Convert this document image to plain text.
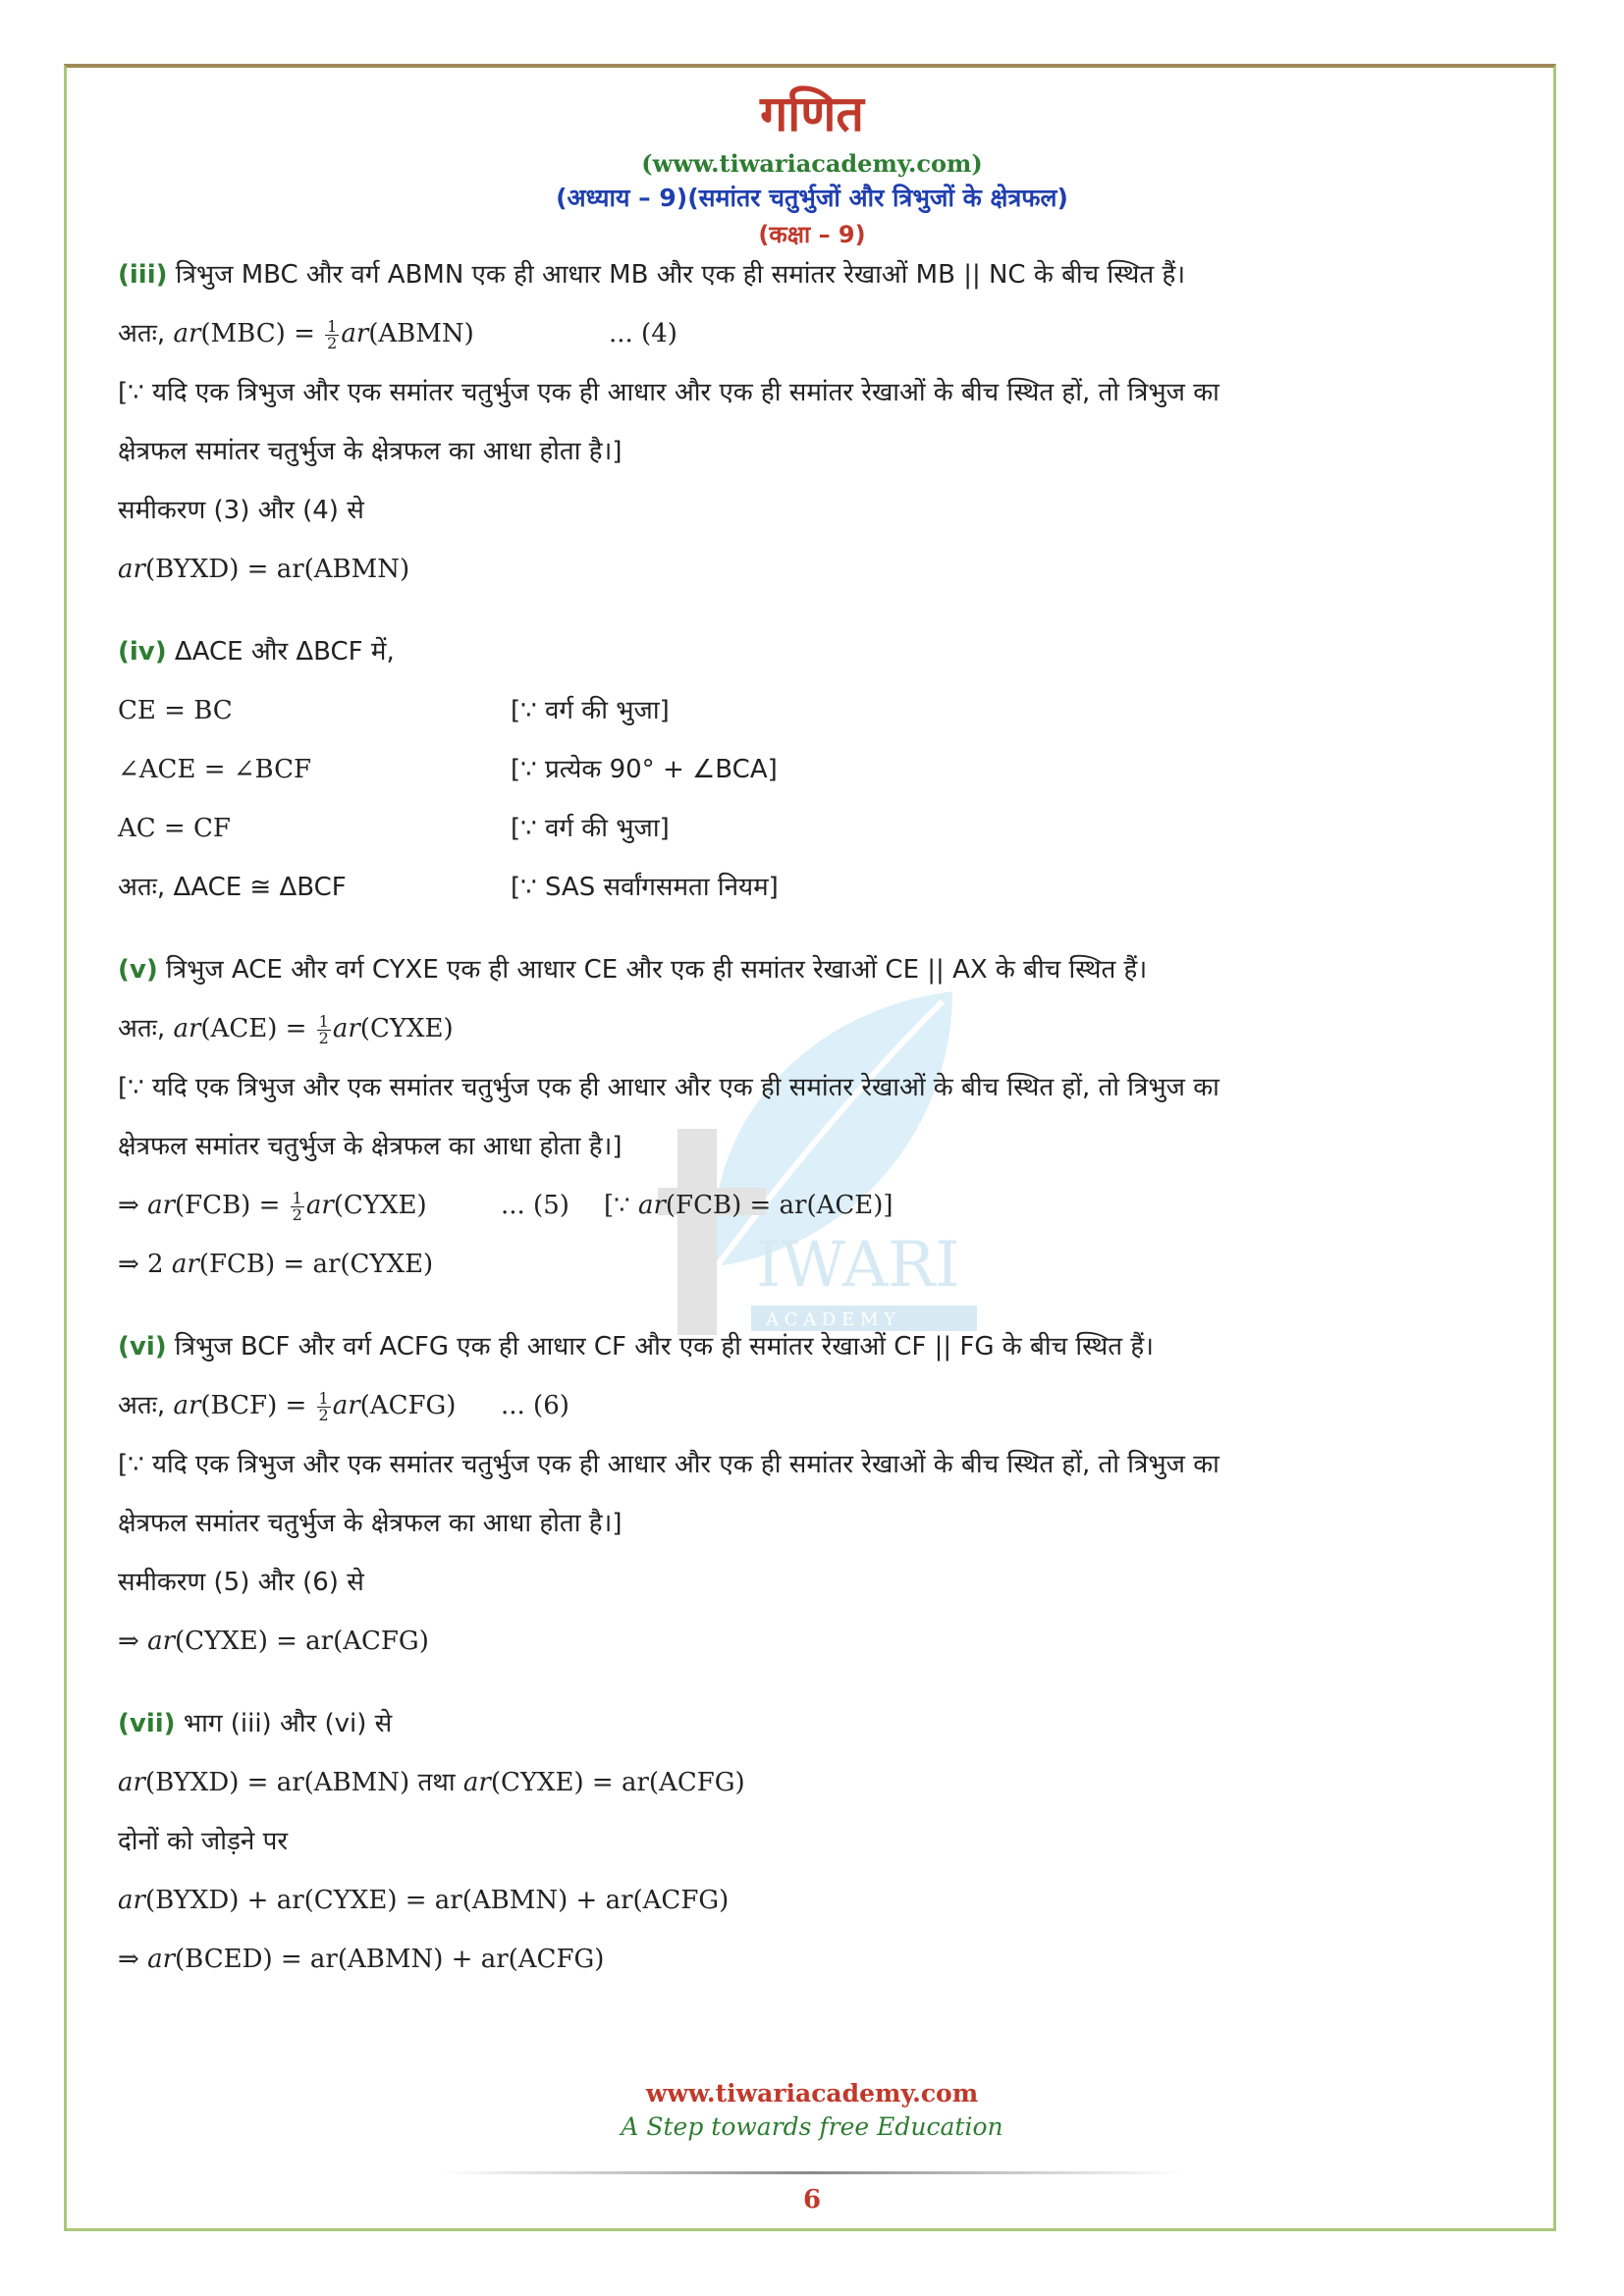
गणित
(www.tiwariacademy.com)
(अध्याय – 9)(समांतर चतुर्भुजों और त्रिभुजों के क्षेत्रफल)
(कक्षा – 9)
IWARI
A C A D E M Y
(iii) त्रिभुज MBC और वर्ग ABMN एक ही आधार MB और एक ही समांतर रेखाओं MB || NC के बीच स्थित हैं।
अतः, $ar(MBC) = \frac{1}{2}$ ar(ABMN)	... (4)
[∵ यदि एक त्रिभुज और एक समांतर चतुर्भुज एक ही आधार और एक ही समांतर रेखाओं के बीच स्थित हों, तो त्रिभुज का
क्षेत्रफल समांतर चतुर्भुज के क्षेत्रफल का आधा होता है।]
समीकरण (3) और (4) से
ar(BYXD) = ar(ABMN)
(iv) ΔACE और ΔBCF में,
CE = BC	[∵ वर्ग की भुजा]
∠ACE = ∠BCF	[∵ प्रत्येक 90° + ∠BCA]
AC = CF	[∵ वर्ग की भुजा]
अतः, ΔACE ≅ ΔBCF	[∵ SAS सर्वांगसमता नियम]
(v) त्रिभुज ACE और वर्ग CYXE एक ही आधार CE और एक ही समांतर रेखाओं CE || AX के बीच स्थित हैं।
अतः, $ar(ACE) = \frac{1}{2}$ ar(CYXE)
[∵ यदि एक त्रिभुज और एक समांतर चतुर्भुज एक ही आधार और एक ही समांतर रेखाओं के बीच स्थित हों, तो त्रिभुज का
क्षेत्रफल समांतर चतुर्भुज के क्षेत्रफल का आधा होता है।]
⇒ $ar(FCB) = \frac{1}{2}$ ar(CYXE)	... (5) [∵ ar(FCB) = ar(ACE)]
⇒ 2 ar(FCB) = ar(CYXE)
(vi) त्रिभुज BCF और वर्ग ACFG एक ही आधार CF और एक ही समांतर रेखाओं CF || FG के बीच स्थित हैं।
अतः, $ar(BCF) = \frac{1}{2}$ ar(ACFG) ... (6)
[∵ यदि एक त्रिभुज और एक समांतर चतुर्भुज एक ही आधार और एक ही समांतर रेखाओं के बीच स्थित हों, तो त्रिभुज का
क्षेत्रफल समांतर चतुर्भुज के क्षेत्रफल का आधा होता है।]
समीकरण (5) और (6) से
⇒ ar(CYXE) = ar(ACFG)
(vii) भाग (iii) और (vi) से
ar(BYXD) = ar(ABMN) तथा ar(CYXE) = ar(ACFG)
दोनों को जोड़ने पर
ar(BYXD) + ar(CYXE) = ar(ABMN) + ar(ACFG)
⇒ ar(BCED) = ar(ABMN) + ar(ACFG)
www.tiwariacademy.com
A Step towards free Education
6
